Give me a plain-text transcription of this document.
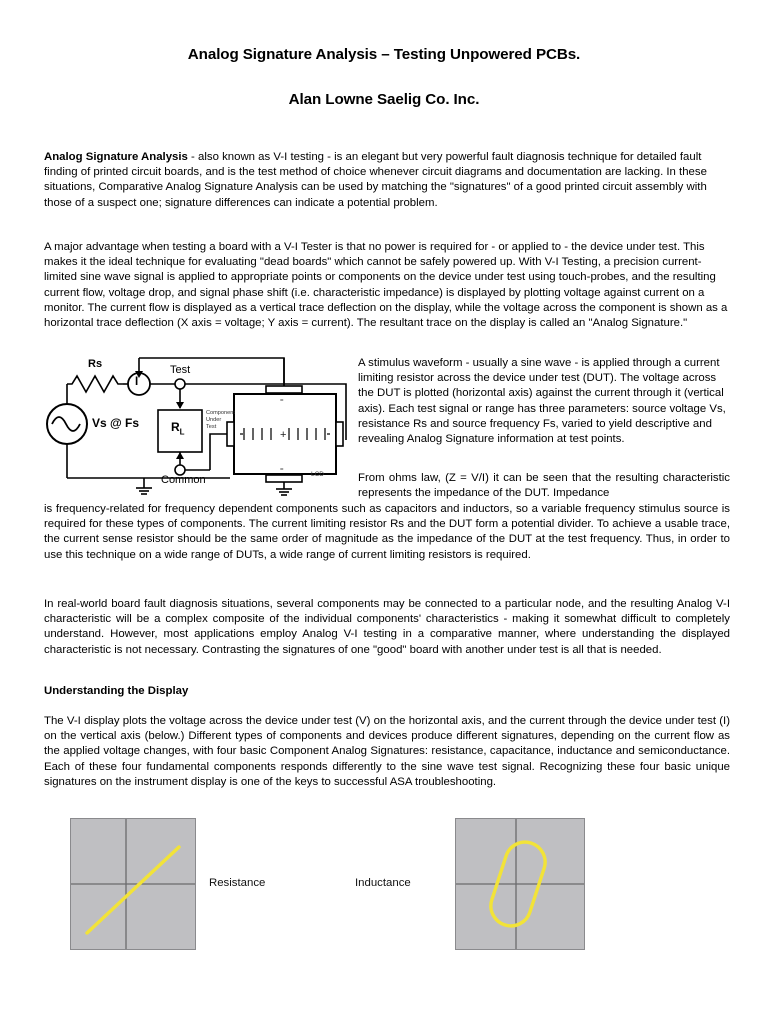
Analog Signature Analysis – Testing Unpowered PCBs.
Alan Lowne Saelig Co. Inc.
Analog Signature Analysis - also known as V-I testing - is an elegant but very powerful fault diagnosis technique for detailed fault finding of printed circuit boards, and is the test method of choice whenever circuit diagrams and documentation are lacking. In these situations, Comparative Analog Signature Analysis can be used by matching the "signatures" of a good printed circuit assembly with those of a suspect one; signature differences can indicate a potential problem.
A major advantage when testing a board with a V-I Tester is that no power is required for - or applied to - the device under test. This makes it the ideal technique for evaluating "dead boards" which cannot be safely powered up. With V-I Testing, a precision current-limited sine wave signal is applied to appropriate points or components on the device under test using touch-probes, and the resulting current flow, voltage drop, and signal phase shift (i.e. characteristic impedance) is displayed by plotting voltage against current on a monitor. The current flow is displayed as a vertical trace deflection on the display, while the voltage across the component is shown as a horizontal trace deflection (X axis = voltage; Y axis = current). The resultant trace on the display is called an "Analog Signature."
+
=
=
Rs
I
Test
Vs @ Fs	$R_L$
Component
Under
Test
Common	LCD
A stimulus waveform - usually a sine wave - is applied through a current limiting resistor across the device under test (DUT). The voltage across the DUT is plotted (horizontal axis) against the current through it (vertical axis). Each test signal or range has three parameters: source voltage Vs, resistance Rs and source frequency Fs, varied to yield descriptive and revealing Analog Signature information at test points.
From ohms law, (Z = V/I) it can be seen that the resulting characteristic represents the impedance of the DUT. Impedance
is frequency-related for frequency dependent components such as capacitors and inductors, so a variable frequency stimulus source is required for these types of components. The current limiting resistor Rs and the DUT form a potential divider. To achieve a usable trace, the current sense resistor should be the same order of magnitude as the impedance of the DUT at the test frequency. Thus, in order to use this technique on a wide range of DUTs, a wide range of current limiting resistors is required.
In real-world board fault diagnosis situations, several components may be connected to a particular node, and the resulting Analog V-I characteristic will be a complex composite of the individual components' characteristics - making it somewhat difficult to completely understand. However, most applications employ Analog V-I testing in a comparative manner, where understanding the displayed characteristic is not necessary. Contrasting the signatures of one "good" board with another under test is all that is needed.
Understanding the Display
The V-I display plots the voltage across the device under test (V) on the horizontal axis, and the current through the device under test (I) on the vertical axis (below.) Different types of components and devices produce different signatures, depending on the current flow as the applied voltage changes, with four basic Component Analog Signatures: resistance, capacitance, inductance and semiconductance. Each of these four fundamental components responds differently to the sine wave test signal. Recognizing these four basic unique signatures on the instrument display is one of the keys to successful ASA troubleshooting.
Resistance	Inductance
